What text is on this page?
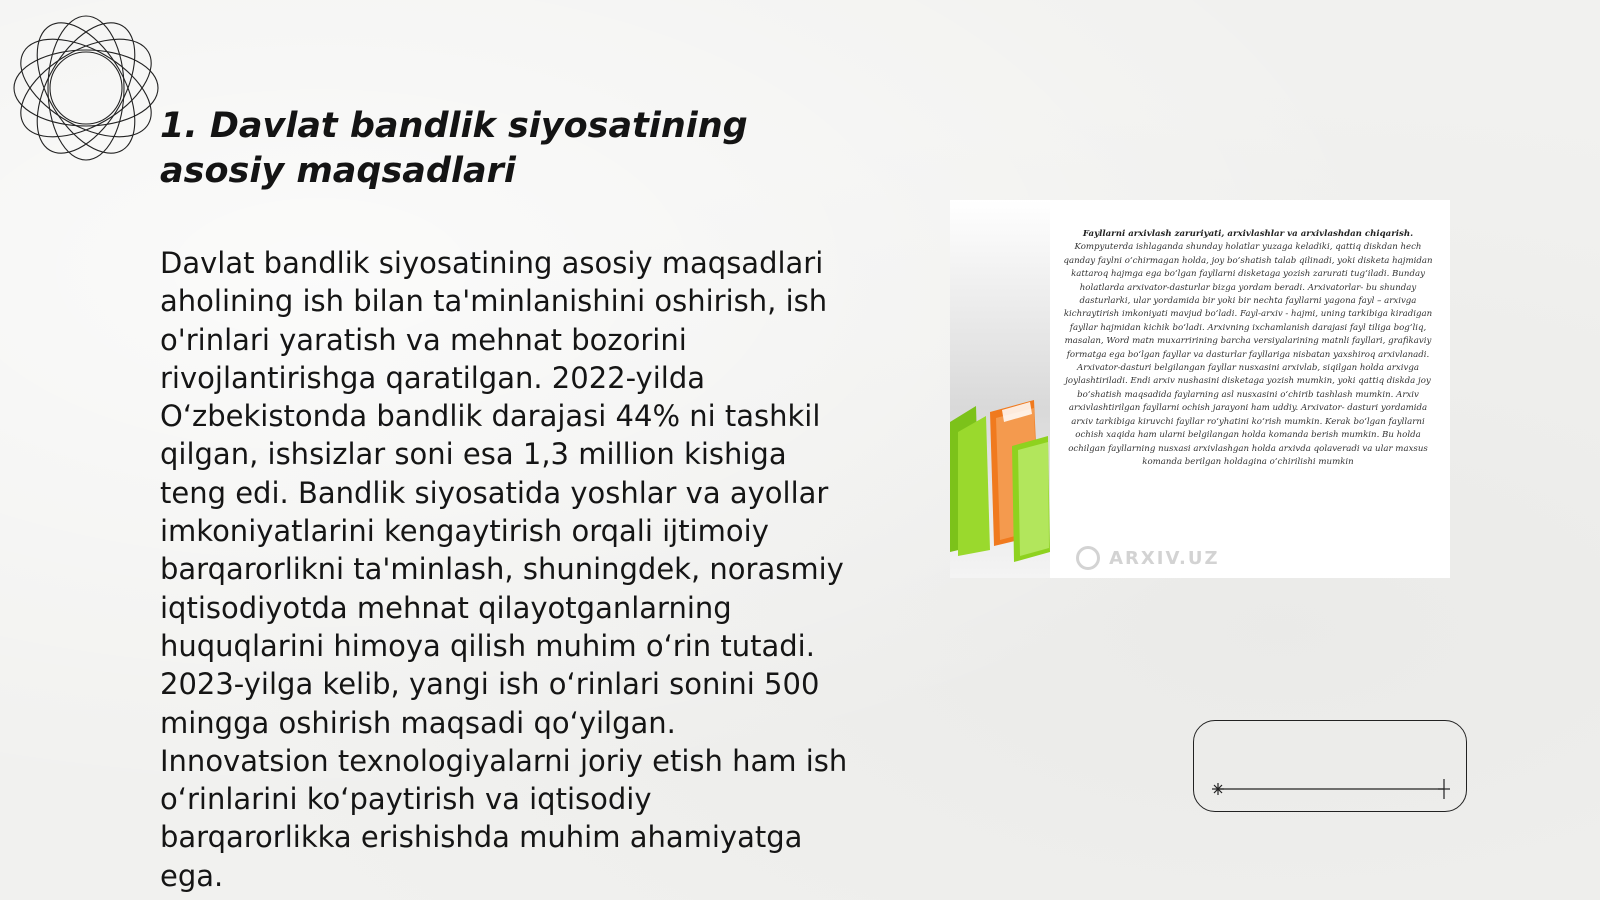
1. Davlat bandlik siyosatining asosiy maqsadlari

Davlat bandlik siyosatining asosiy maqsadlari aholining ish bilan ta'minlanishini oshirish, ish o'rinlari yaratish va mehnat bozorini rivojlantirishga qaratilgan. 2022-yilda Oʻzbekistonda bandlik darajasi 44% ni tashkil qilgan, ishsizlar soni esa 1,3 million kishiga teng edi. Bandlik siyosatida yoshlar va ayollar imkoniyatlarini kengaytirish orqali ijtimoiy barqarorlikni ta'minlash, shuningdek, norasmiy iqtisodiyotda mehnat qilayotganlarning huquqlarini himoya qilish muhim oʻrin tutadi. 2023-yilga kelib, yangi ish oʻrinlari sonini 500 mingga oshirish maqsadi qoʻyilgan. Innovatsion texnologiyalarni joriy etish ham ish oʻrinlarini koʻpaytirish va iqtisodiy barqarorlikka erishishda muhim ahamiyatga ega.

Fayllarni arxivlash zaruriyati, arxivlashlar va arxivlashdan chiqarish.
Kompyuterda ishlaganda shunday holatlar yuzaga keladiki, qattiq diskdan hech qanday faylni o‘chirmagan holda, joy bo‘shatish talab qilinadi, yoki disketa hajmidan kattaroq hajmga ega bo‘lgan fayllarni disketaga yozish zarurati tug‘iladi. Bunday holatlarda arxivator-dasturlar bizga yordam beradi. Arxivatorlar- bu shunday dasturlarki, ular yordamida bir yoki bir nechta fayllarni yagona fayl – arxivga kichraytirish imkoniyati mavjud bo‘ladi. Fayl-arxiv - hajmi, uning tarkibiga kiradigan fayllar hajmidan kichik bo‘ladi. Arxivning ixchamlanish darajasi fayl tiliga bog‘liq, masalan, Word matn muxarririning barcha versiyalarining matnli fayllari, grafikaviy formatga ega bo‘lgan fayllar va dasturlar fayllariga nisbatan yaxshiroq arxivlanadi. Arxivator-dasturi belgilangan fayllar nusxasini arxivlab, siqilgan holda arxivga joylashtiriladi. Endi arxiv nushasini disketaga yozish mumkin, yoki qattiq diskda joy bo‘shatish maqsadida faylarning asl nusxasini o‘chirib tashlash mumkin. Arxiv arxivlashtirilgan fayllarni ochish jarayoni ham uddiy. Arxivator- dasturi yordamida arxiv tarkibiga kiruvchi fayllar ro‘yhatini ko‘rish mumkin. Kerak bo‘lgan fayllarni ochish xaqida ham ularni belgilangan holda komanda berish mumkin. Bu holda ochilgan fayllarning nusxasi arxivlashgan holda arxivda qolaveradi va ular maxsus komanda berilgan holdagina o‘chirilishi mumkin
ARXIV.UZ
